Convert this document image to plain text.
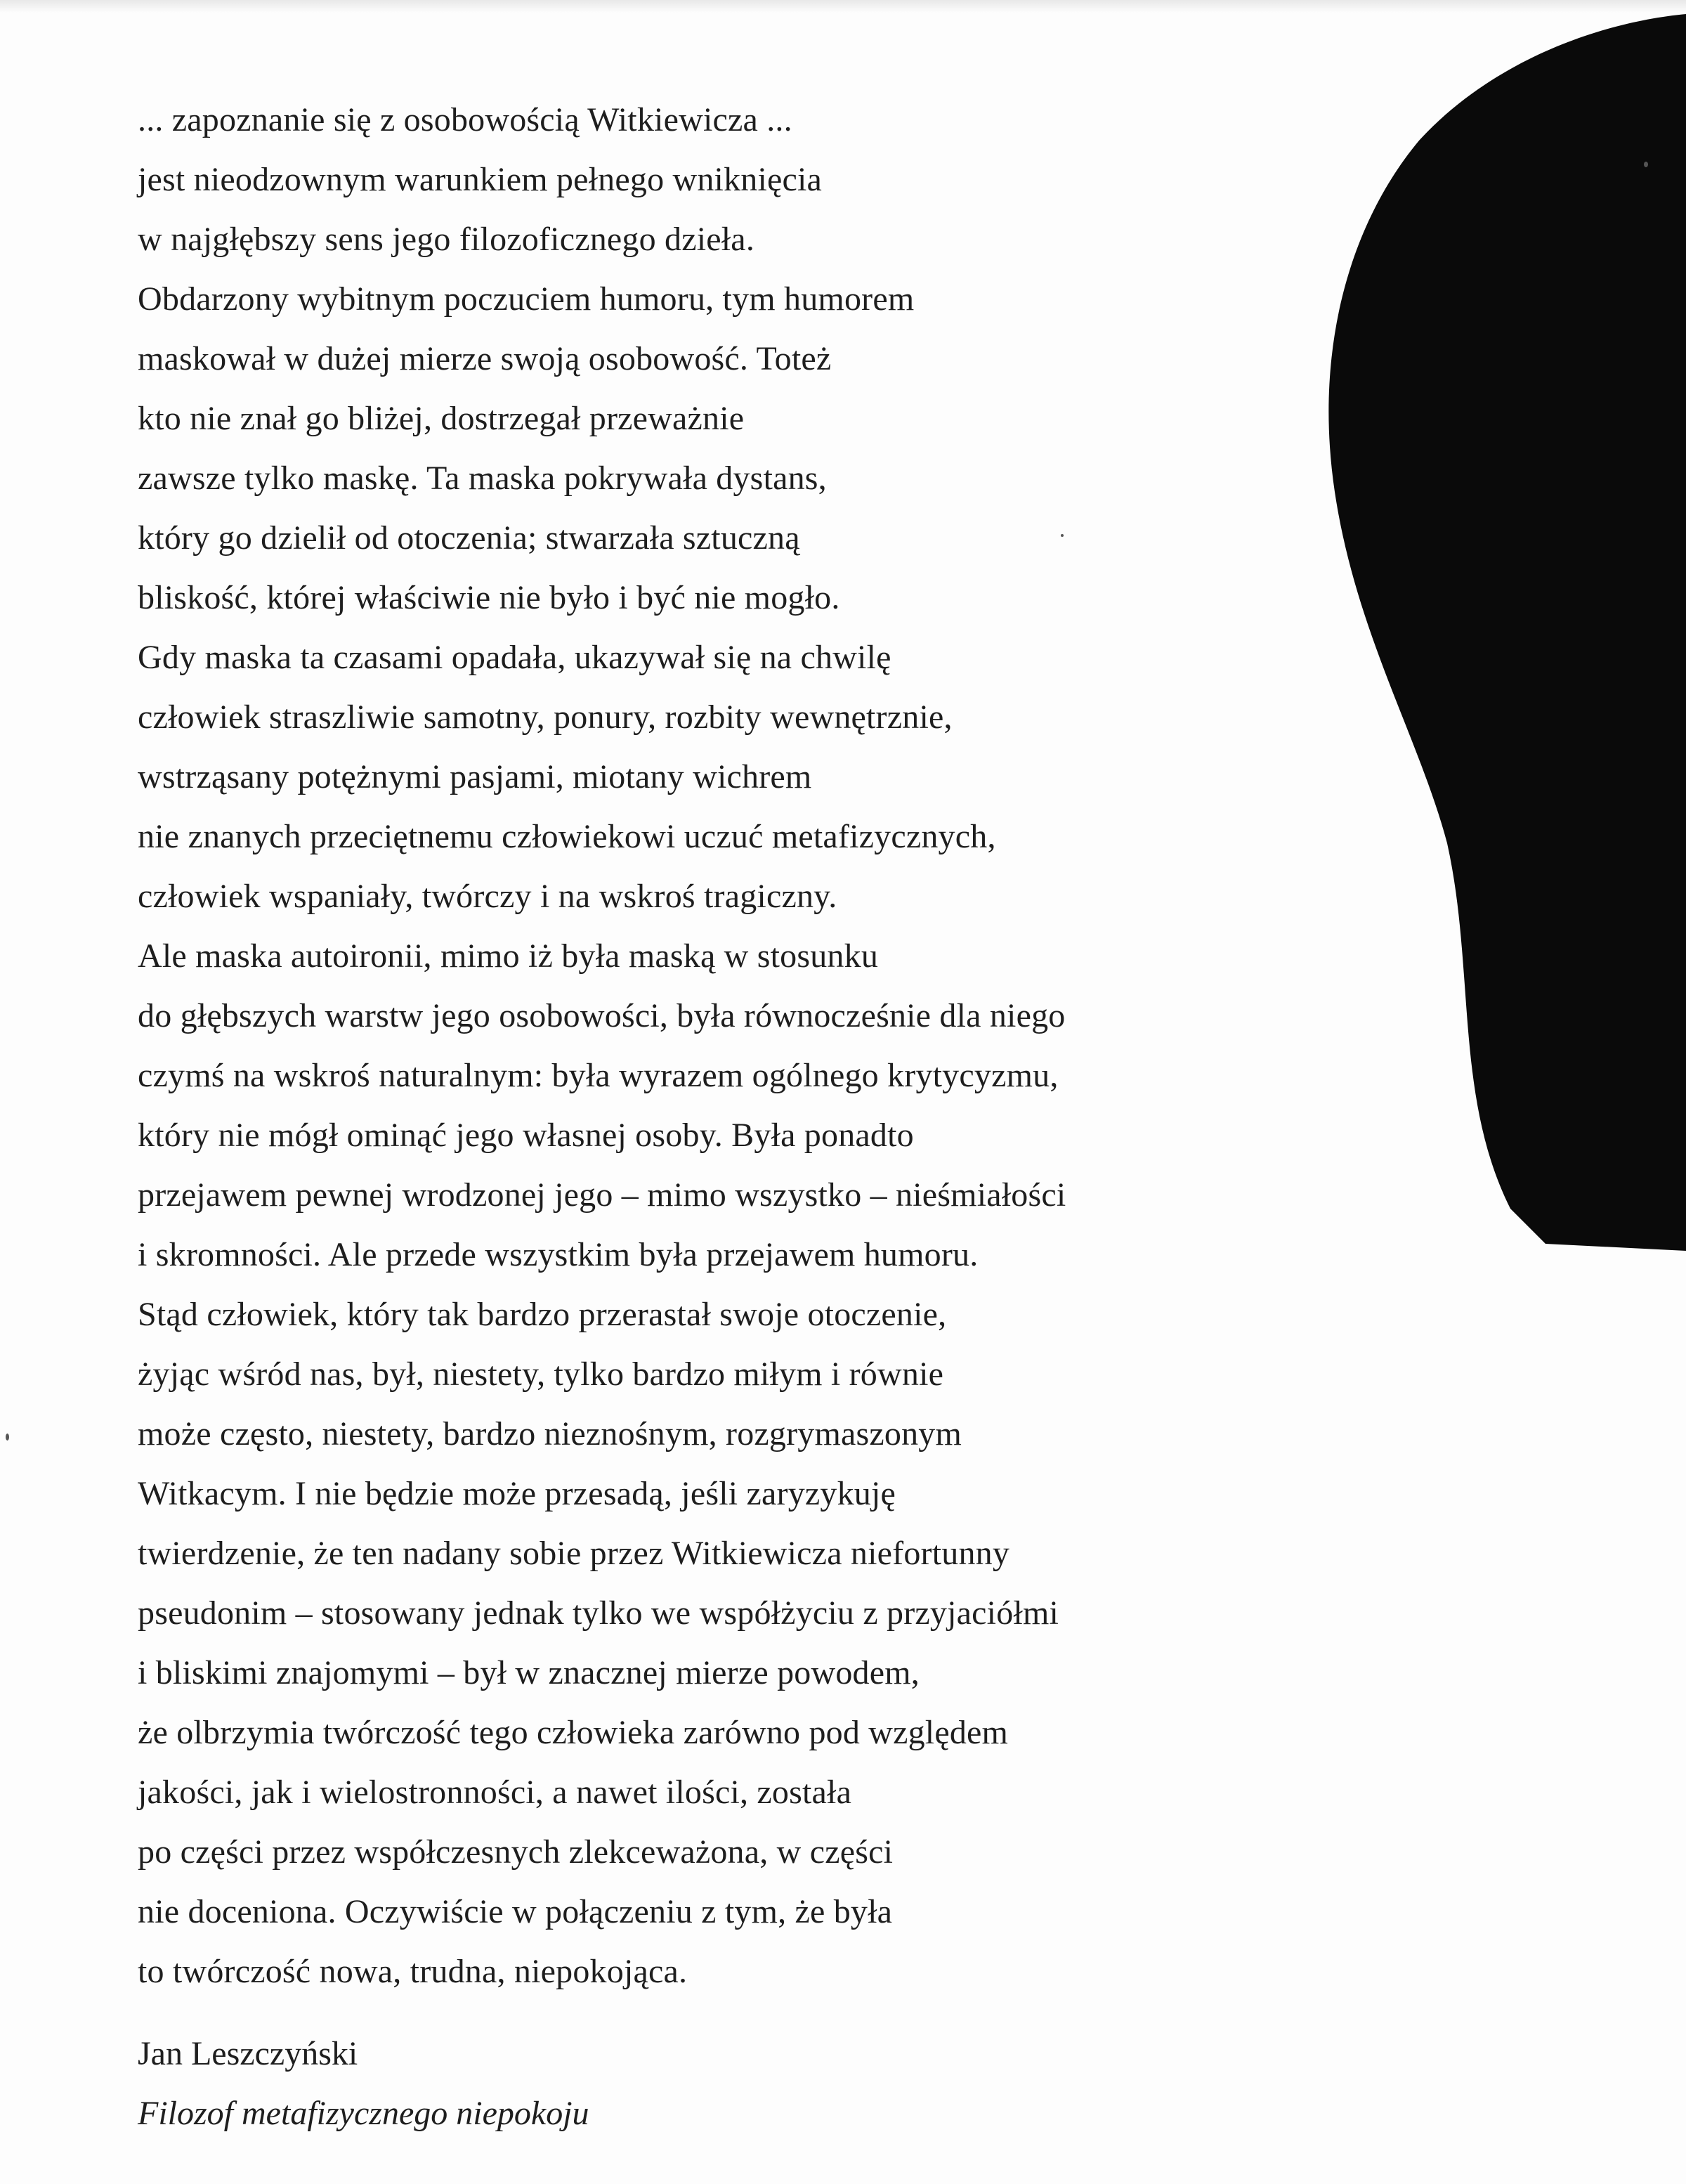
... zapoznanie się z osobowością Witkiewicza ...
jest nieodzownym warunkiem pełnego wniknięcia
w najgłębszy sens jego filozoficznego dzieła.
Obdarzony wybitnym poczuciem humoru, tym humorem
maskował w dużej mierze swoją osobowość. Toteż
kto nie znał go bliżej, dostrzegał przeważnie
zawsze tylko maskę. Ta maska pokrywała dystans,
który go dzielił od otoczenia; stwarzała sztuczną
bliskość, której właściwie nie było i być nie mogło.
Gdy maska ta czasami opadała, ukazywał się na chwilę
człowiek straszliwie samotny, ponury, rozbity wewnętrznie,
wstrząsany potężnymi pasjami, miotany wichrem
nie znanych przeciętnemu człowiekowi uczuć metafizycznych,
człowiek wspaniały, twórczy i na wskroś tragiczny.
Ale maska autoironii, mimo iż była maską w stosunku
do głębszych warstw jego osobowości, była równocześnie dla niego
czymś na wskroś naturalnym: była wyrazem ogólnego krytycyzmu,
który nie mógł ominąć jego własnej osoby. Była ponadto
przejawem pewnej wrodzonej jego – mimo wszystko – nieśmiałości
i skromności. Ale przede wszystkim była przejawem humoru.
Stąd człowiek, który tak bardzo przerastał swoje otoczenie,
żyjąc wśród nas, był, niestety, tylko bardzo miłym i równie
może często, niestety, bardzo nieznośnym, rozgrymaszonym
Witkacym. I nie będzie może przesadą, jeśli zaryzykuję
twierdzenie, że ten nadany sobie przez Witkiewicza niefortunny
pseudonim – stosowany jednak tylko we współżyciu z przyjaciółmi
i bliskimi znajomymi – był w znacznej mierze powodem,
że olbrzymia twórczość tego człowieka zarówno pod względem
jakości, jak i wielostronności, a nawet ilości, została
po części przez współczesnych zlekceważona, w części
nie doceniona. Oczywiście w połączeniu z tym, że była
to twórczość nowa, trudna, niepokojąca.
Jan Leszczyński
Filozof metafizycznego niepokoju
